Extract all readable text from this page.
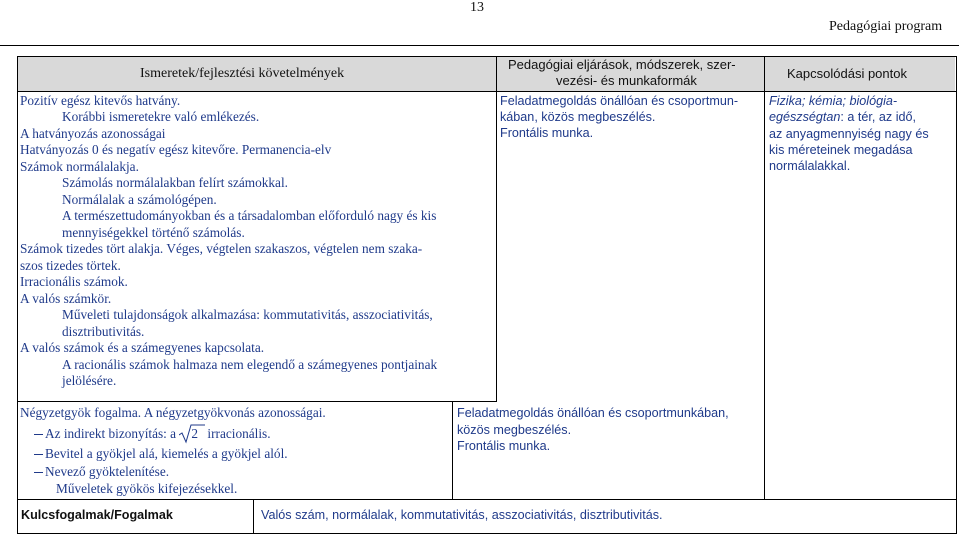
13
Pedagógiai program
Ismeretek/fejlesztési követelmények
Pedagógiai eljárások, módszerek, szer-
vezési- és munkaformák	Kapcsolódási pontok
Pozitív egész kitevős hatvány.
Korábbi ismeretekre való emlékezés.
A hatványozás azonosságai
Hatványozás 0 és negatív egész kitevőre. Permanencia-elv
Számok normálalakja.
Számolás normálalakban felírt számokkal.
Normálalak a számológépen.
A természettudományokban és a társadalomban előforduló nagy és kis
mennyiségekkel történő számolás.
Számok tizedes tört alakja. Véges, végtelen szakaszos, végtelen nem szaka-
szos tizedes törtek.
Irracionális számok.
A valós számkör.
Műveleti tulajdonságok alkalmazása: kommutativitás, asszociativitás,
disztributivitás.
A valós számok és a számegyenes kapcsolata.
A racionális számok halmaza nem elegendő a számegyenes pontjainak
jelölésére.
Feladatmegoldás önállóan és csoportmun-
kában, közös megbeszélés.
Frontális munka.
Fizika; kémia; biológia-
egészségtan: a tér, az idő,
az anyagmennyiség nagy és
kis méreteinek megadása
normálalakkal.
Négyzetgyök fogalma. A négyzetgyökvonás azonosságai.
Az indirekt bizonyítás: a 2 irracionális.
Bevitel a gyökjel alá, kiemelés a gyökjel alól.
Nevező gyöktelenítése.
Műveletek gyökös kifejezésekkel.
Feladatmegoldás önállóan és csoportmunkában,
közös megbeszélés.
Frontális munka.
Kulcsfogalmak/Fogalmak	Valós szám, normálalak, kommutativitás, asszociativitás, disztributivitás.
